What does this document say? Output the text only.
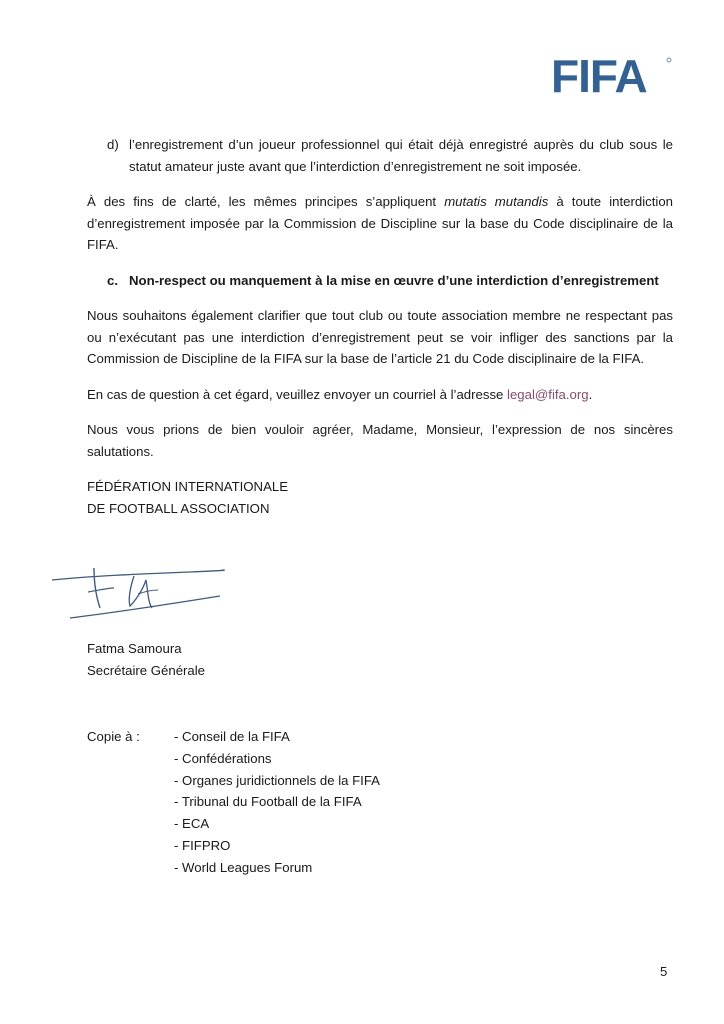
FIFA
d) l’enregistrement d’un joueur professionnel qui était déjà enregistré auprès du club sous le statut amateur juste avant que l’interdiction d’enregistrement ne soit imposée.

À des fins de clarté, les mêmes principes s’appliquent mutatis mutandis à toute interdiction d’enregistrement imposée par la Commission de Discipline sur la base du Code disciplinaire de la FIFA.

c. Non-respect ou manquement à la mise en œuvre d’une interdiction d’enregistrement

Nous souhaitons également clarifier que tout club ou toute association membre ne respectant pas ou n’exécutant pas une interdiction d’enregistrement peut se voir infliger des sanctions par la Commission de Discipline de la FIFA sur la base de l’article 21 du Code disciplinaire de la FIFA.

En cas de question à cet égard, veuillez envoyer un courriel à l’adresse legal@fifa.org.

Nous vous prions de bien vouloir agréer, Madame, Monsieur, l’expression de nos sincères salutations.

FÉDÉRATION INTERNATIONALE
DE FOOTBALL ASSOCIATION
Fatma Samoura
Secrétaire Générale
Copie à :	- Conseil de la FIFA
- Confédérations
- Organes juridictionnels de la FIFA
- Tribunal du Football de la FIFA
- ECA
- FIFPRO
- World Leagues Forum
5
